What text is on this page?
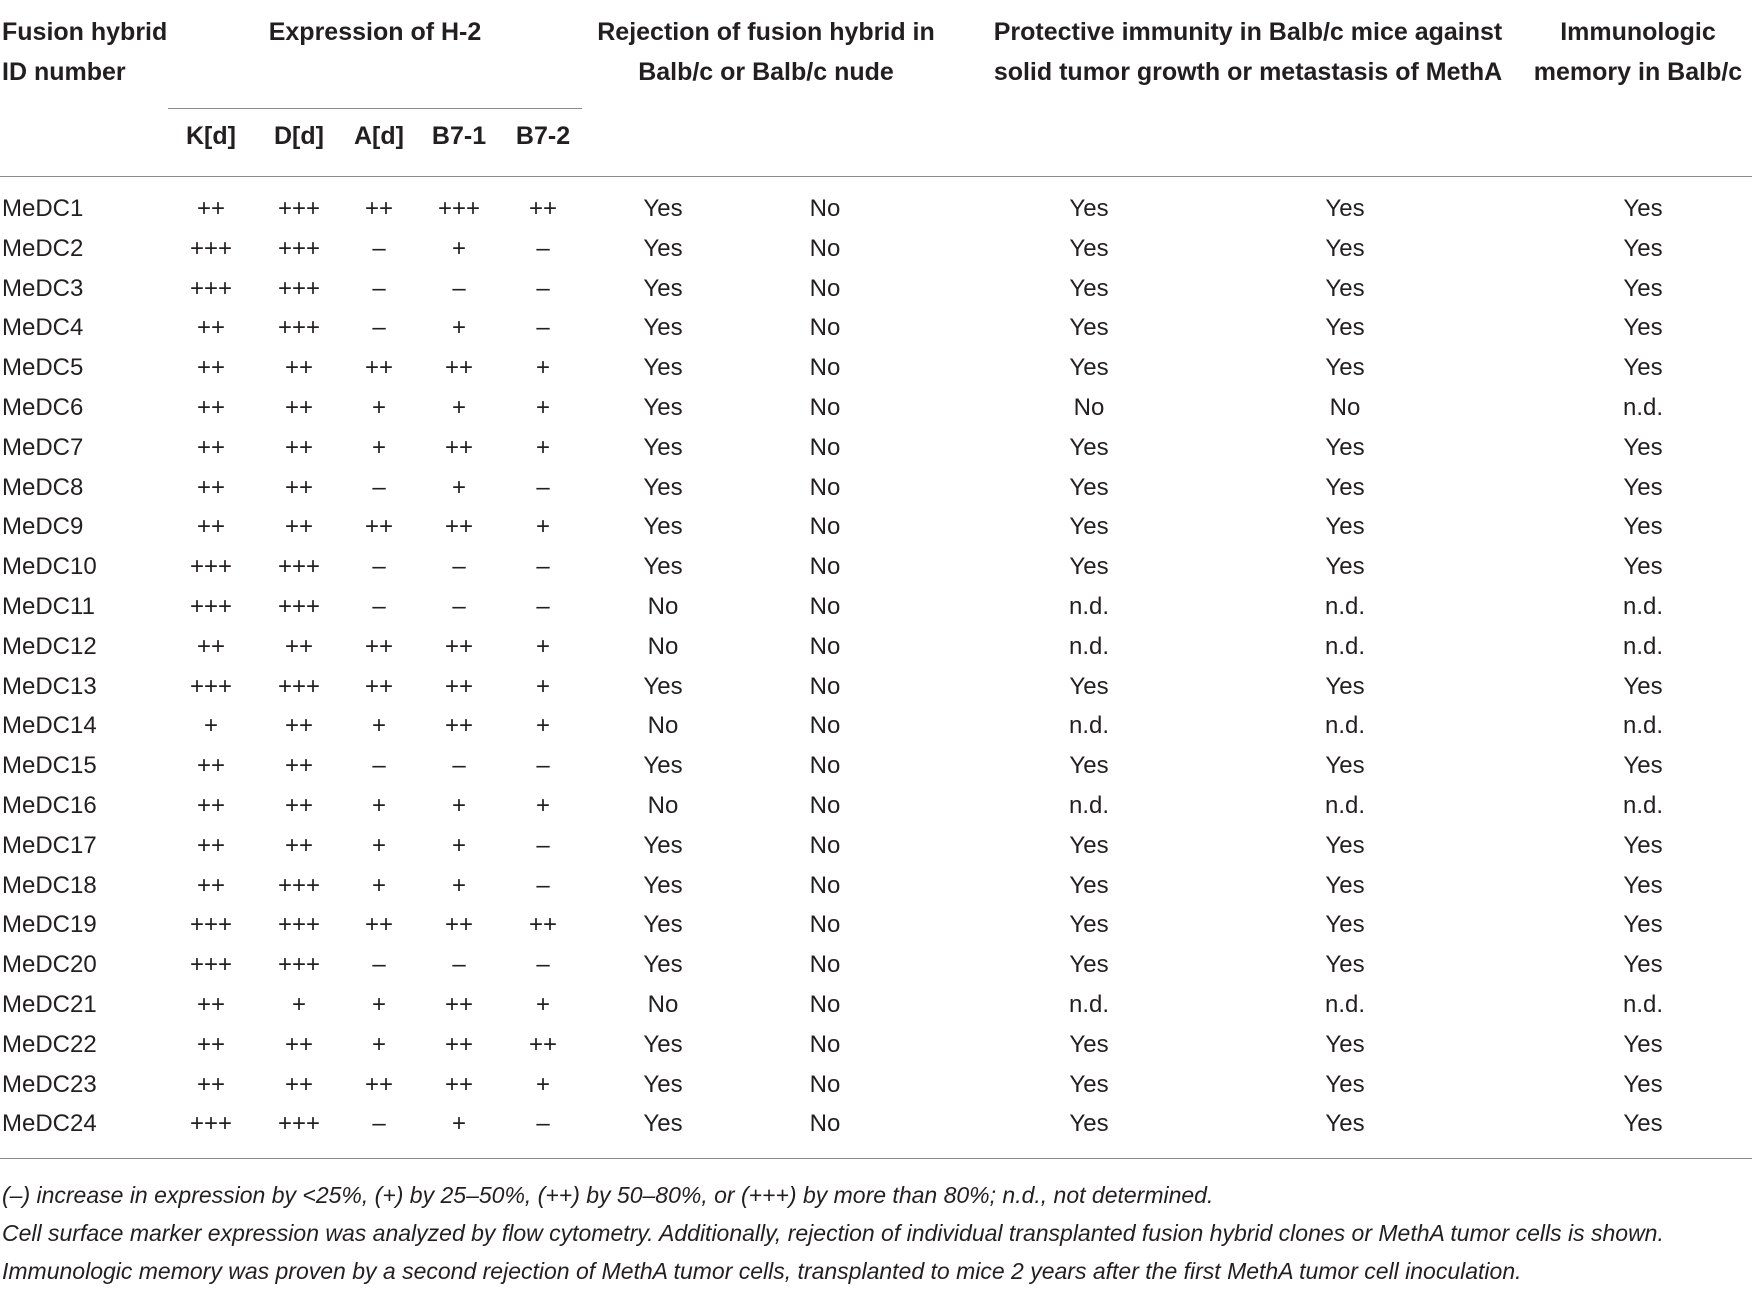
Fusion hybrid
ID number
Expression of H-2	Rejection of fusion hybrid in
Balb/c or Balb/c nude
Protective immunity in Balb/c mice against
solid tumor growth or metastasis of MethA
Immunologic
memory in Balb/c
K[d]	D[d]	A[d]	B7-1	B7-2
MeDC1	++	+++	++	+++	++	Yes	No	Yes	Yes	Yes
MeDC2	+++	+++	–	+	–	Yes	No	Yes	Yes	Yes
MeDC3	+++	+++	–	–	–	Yes	No	Yes	Yes	Yes
MeDC4	++	+++	–	+	–	Yes	No	Yes	Yes	Yes
MeDC5	++	++	++	++	+	Yes	No	Yes	Yes	Yes
MeDC6	++	++	+	+	+	Yes	No	No	No	n.d.
MeDC7	++	++	+	++	+	Yes	No	Yes	Yes	Yes
MeDC8	++	++	–	+	–	Yes	No	Yes	Yes	Yes
MeDC9	++	++	++	++	+	Yes	No	Yes	Yes	Yes
MeDC10	+++	+++	–	–	–	Yes	No	Yes	Yes	Yes
MeDC11	+++	+++	–	–	–	No	No	n.d.	n.d.	n.d.
MeDC12	++	++	++	++	+	No	No	n.d.	n.d.	n.d.
MeDC13	+++	+++	++	++	+	Yes	No	Yes	Yes	Yes
MeDC14	+	++	+	++	+	No	No	n.d.	n.d.	n.d.
MeDC15	++	++	–	–	–	Yes	No	Yes	Yes	Yes
MeDC16	++	++	+	+	+	No	No	n.d.	n.d.	n.d.
MeDC17	++	++	+	+	–	Yes	No	Yes	Yes	Yes
MeDC18	++	+++	+	+	–	Yes	No	Yes	Yes	Yes
MeDC19	+++	+++	++	++	++	Yes	No	Yes	Yes	Yes
MeDC20	+++	+++	–	–	–	Yes	No	Yes	Yes	Yes
MeDC21	++	+	+	++	+	No	No	n.d.	n.d.	n.d.
MeDC22	++	++	+	++	++	Yes	No	Yes	Yes	Yes
MeDC23	++	++	++	++	+	Yes	No	Yes	Yes	Yes
MeDC24	+++	+++	–	+	–	Yes	No	Yes	Yes	Yes
(–) increase in expression by <25%, (+) by 25–50%, (++) by 50–80%, or (+++) by more than 80%; n.d., not determined.
Cell surface marker expression was analyzed by flow cytometry. Additionally, rejection of individual transplanted fusion hybrid clones or MethA tumor cells is shown.
Immunologic memory was proven by a second rejection of MethA tumor cells, transplanted to mice 2 years after the first MethA tumor cell inoculation.
